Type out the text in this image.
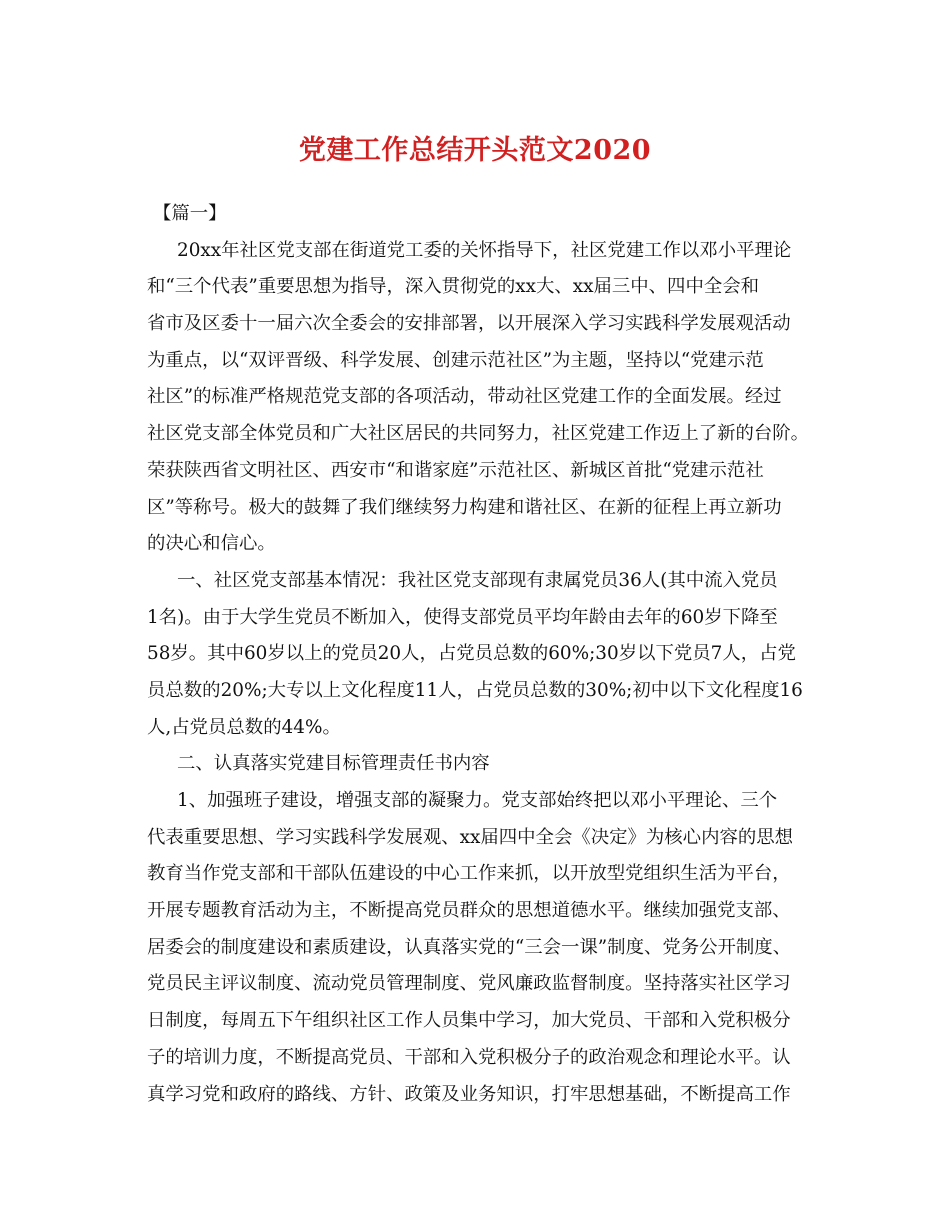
党建工作总结开头范文2020
【篇一】
20xx年社区党支部在街道党工委的关怀指导下，社区党建工作以邓小平理论
和“三个代表”重要思想为指导，深入贯彻党的xx大、xx届三中、四中全会和
省市及区委十一届六次全委会的安排部署，以开展深入学习实践科学发展观活动
为重点，以“双评晋级、科学发展、创建示范社区”为主题，坚持以“党建示范
社区”的标准严格规范党支部的各项活动，带动社区党建工作的全面发展。经过
社区党支部全体党员和广大社区居民的共同努力，社区党建工作迈上了新的台阶。
荣获陕西省文明社区、西安市“和谐家庭”示范社区、新城区首批“党建示范社
区”等称号。极大的鼓舞了我们继续努力构建和谐社区、在新的征程上再立新功
的决心和信心。
一、社区党支部基本情况：我社区党支部现有隶属党员36人(其中流入党员
1名)。由于大学生党员不断加入，使得支部党员平均年龄由去年的60岁下降至
58岁。其中60岁以上的党员20人，占党员总数的60%;30岁以下党员7人，占党
员总数的20%;大专以上文化程度11人，占党员总数的30%;初中以下文化程度16
人,占党员总数的44%。
二、认真落实党建目标管理责任书内容
1、加强班子建设，增强支部的凝聚力。党支部始终把以邓小平理论、三个
代表重要思想、学习实践科学发展观、xx届四中全会《决定》为核心内容的思想
教育当作党支部和干部队伍建设的中心工作来抓，以开放型党组织生活为平台，
开展专题教育活动为主，不断提高党员群众的思想道德水平。继续加强党支部、
居委会的制度建设和素质建设，认真落实党的“三会一课”制度、党务公开制度、
党员民主评议制度、流动党员管理制度、党风廉政监督制度。坚持落实社区学习
日制度，每周五下午组织社区工作人员集中学习，加大党员、干部和入党积极分
子的培训力度，不断提高党员、干部和入党积极分子的政治观念和理论水平。认
真学习党和政府的路线、方针、政策及业务知识，打牢思想基础，不断提高工作
